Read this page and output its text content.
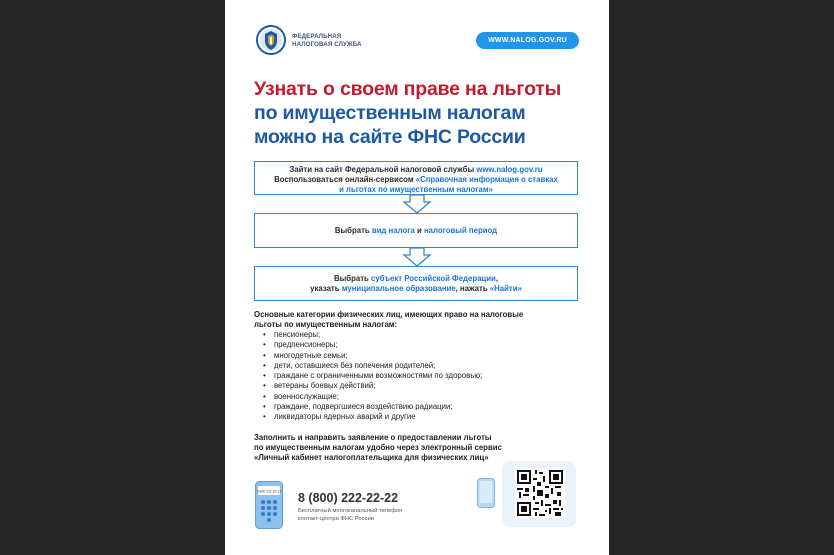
ФЕДЕРАЛЬНАЯ
НАЛОГОВАЯ СЛУЖБА
WWW.NALOG.GOV.RU
Узнать о своем праве на льготы
по имущественным налогам
можно на сайте ФНС России
Зайти на сайт Федеральной налоговой службы www.nalog.gov.ru
Воспользоваться онлайн-сервисом «Справочная информация о ставках
и льготах по имущественным налогам»
Выбрать вид налога и налоговый период
Выбрать субъект Российской Федерации,
указать муниципальное образование, нажать «Найти»
Основные категории физических лиц, имеющих право на налоговые
льготы по имущественным налогам:
• пенсионеры;
• предпенсионеры;
• многодетные семьи;
• дети, оставшиеся без попечения родителей;
• граждане с ограниченными возможностями по здоровью;
• ветераны боевых действий;
• военнослужащие;
• граждане, подвергшиеся воздействию радиации;
• ликвидаторы ядерных аварий и другие
Заполнить и направить заявление о предоставлении льготы
по имущественным налогам удобно через электронный сервис
«Личный кабинет налогоплательщика для физических лиц»
8 800 222 22 22 8 (800) 222-22-22
Бесплатный многоканальный телефон
контакт-центра ФНС России
